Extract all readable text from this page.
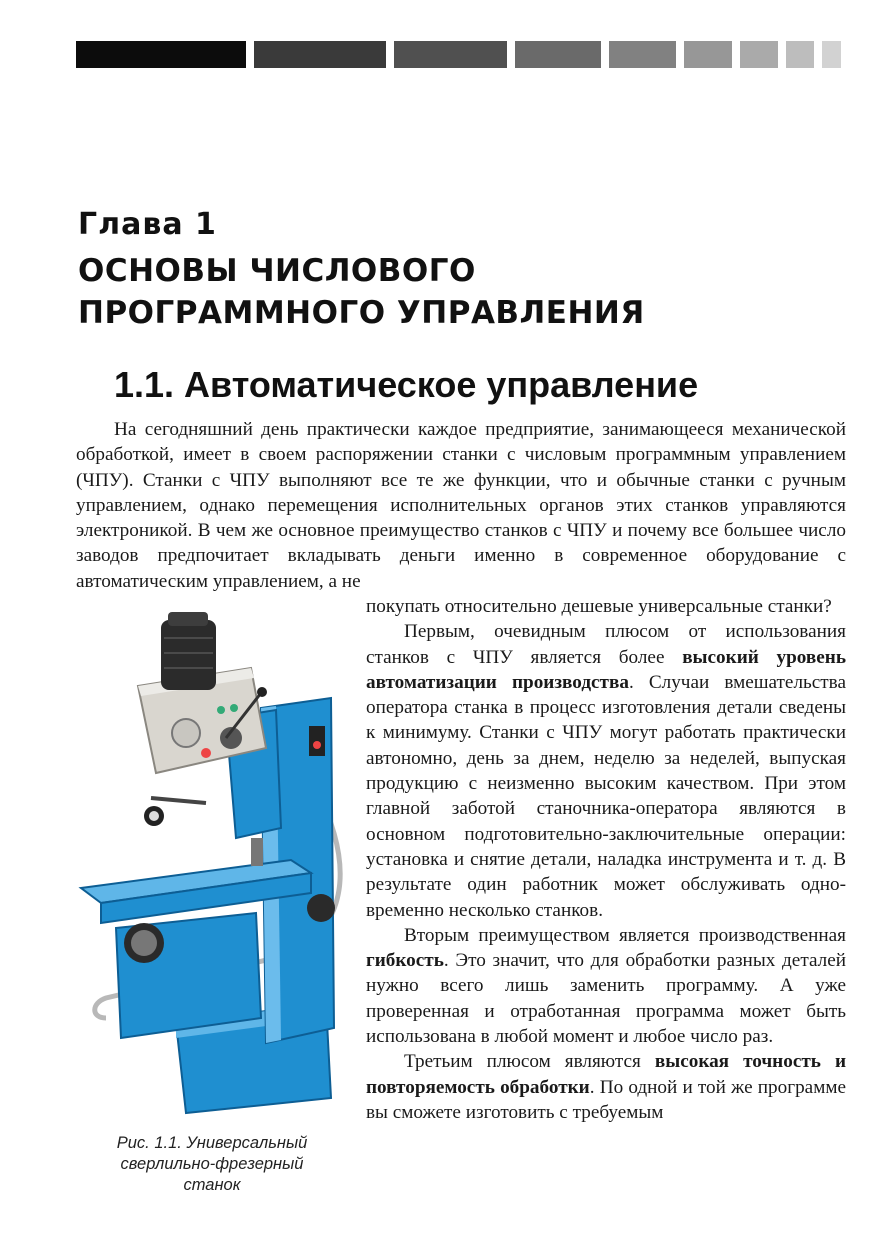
Глава 1
ОСНОВЫ ЧИСЛОВОГО
ПРОГРАММНОГО УПРАВЛЕНИЯ
1.1. Автоматическое управление

На сегодняшний день практически каждое предприятие, занимающееся механической обработкой, имеет в своем распоряжении станки с числовым программным управлением (ЧПУ). Станки с ЧПУ выполняют все те же функции, что и обычные станки с ручным управлением, однако перемещения исполнительных органов этих станков управляются электроникой. В чем же основное преимущество станков с ЧПУ и почему все большее число заводов предпочитает вкладывать деньги именно в современное оборудование с автоматическим управлением, а не

Рис. 1.1. Универсальный
сверлильно-фрезерный
станок

покупать относительно дешевые универсальные станки?

Первым, очевидным плюсом от использования станков с ЧПУ является более высокий уровень автоматизации производства. Случаи вмешательства оператора станка в процесс изготовления детали сведены к минимуму. Станки с ЧПУ могут работать практически автономно, день за днем, неделю за неделей, выпуская продукцию с неизменно высоким качеством. При этом главной заботой станочника-оператора являются в основном подготовительно-заключительные операции: установка и снятие детали, наладка инструмента и т. д. В результате один работник может обслуживать одновременно несколько станков.

Вторым преимуществом является производственная гибкость. Это значит, что для обработки разных деталей нужно всего лишь заменить программу. А уже проверенная и отработанная программа может быть использована в любой момент и любое число раз.

Третьим плюсом являются высокая точность и повторяемость обработки. По одной и той же программе вы сможете изготовить с требуемым
